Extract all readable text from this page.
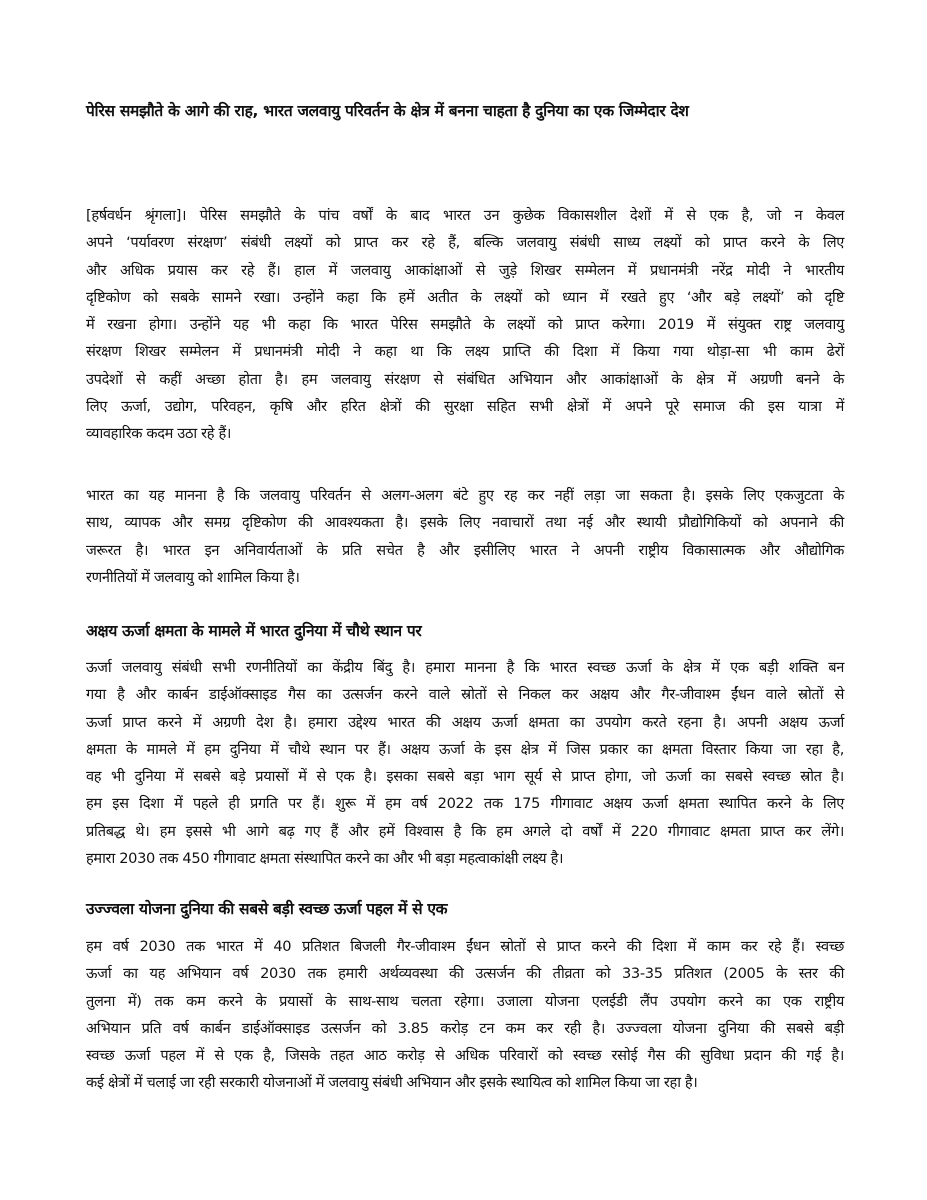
पेरिस समझौते के आगे की राह, भारत जलवायु परिवर्तन के क्षेत्र में बनना चाहता है दुनिया का एक जिम्मेदार देश
[हर्षवर्धन श्रृंगला]। पेरिस समझौते के पांच वर्षों के बाद भारत उन कुछेक विकासशील देशों में से एक है, जो न केवल
अपने ‘पर्यावरण संरक्षण’ संबंधी लक्ष्यों को प्राप्त कर रहे हैं, बल्कि जलवायु संबंधी साध्य लक्ष्यों को प्राप्त करने के लिए
और अधिक प्रयास कर रहे हैं। हाल में जलवायु आकांक्षाओं से जुड़े शिखर सम्मेलन में प्रधानमंत्री नरेंद्र मोदी ने भारतीय
दृष्टिकोण को सबके सामने रखा। उन्होंने कहा कि हमें अतीत के लक्ष्यों को ध्यान में रखते हुए ‘और बड़े लक्ष्यों’ को दृष्टि
में रखना होगा। उन्होंने यह भी कहा कि भारत पेरिस समझौते के लक्ष्यों को प्राप्त करेगा। 2019 में संयुक्त राष्ट्र जलवायु
संरक्षण शिखर सम्मेलन में प्रधानमंत्री मोदी ने कहा था कि लक्ष्य प्राप्ति की दिशा में किया गया थोड़ा-सा भी काम ढेरों
उपदेशों से कहीं अच्छा होता है। हम जलवायु संरक्षण से संबंधित अभियान और आकांक्षाओं के क्षेत्र में अग्रणी बनने के
लिए ऊर्जा, उद्योग, परिवहन, कृषि और हरित क्षेत्रों की सुरक्षा सहित सभी क्षेत्रों में अपने पूरे समाज की इस यात्रा में
व्यावहारिक कदम उठा रहे हैं।
भारत का यह मानना है कि जलवायु परिवर्तन से अलग-अलग बंटे हुए रह कर नहीं लड़ा जा सकता है। इसके लिए एकजुटता के
साथ, व्यापक और समग्र दृष्टिकोण की आवश्यकता है। इसके लिए नवाचारों तथा नई और स्थायी प्रौद्योगिकियों को अपनाने की
जरूरत है। भारत इन अनिवार्यताओं के प्रति सचेत है और इसीलिए भारत ने अपनी राष्ट्रीय विकासात्मक और औद्योगिक
रणनीतियों में जलवायु को शामिल किया है।
अक्षय ऊर्जा क्षमता के मामले में भारत दुनिया में चौथे स्थान पर
ऊर्जा जलवायु संबंधी सभी रणनीतियों का केंद्रीय बिंदु है। हमारा मानना है कि भारत स्वच्छ ऊर्जा के क्षेत्र में एक बड़ी शक्ति बन
गया है और कार्बन डाईऑक्साइड गैस का उत्सर्जन करने वाले स्रोतों से निकल कर अक्षय और गैर-जीवाश्म ईंधन वाले स्रोतों से
ऊर्जा प्राप्त करने में अग्रणी देश है। हमारा उद्देश्य भारत की अक्षय ऊर्जा क्षमता का उपयोग करते रहना है। अपनी अक्षय ऊर्जा
क्षमता के मामले में हम दुनिया में चौथे स्थान पर हैं। अक्षय ऊर्जा के इस क्षेत्र में जिस प्रकार का क्षमता विस्तार किया जा रहा है,
वह भी दुनिया में सबसे बड़े प्रयासों में से एक है। इसका सबसे बड़ा भाग सूर्य से प्राप्त होगा, जो ऊर्जा का सबसे स्वच्छ स्रोत है।
हम इस दिशा में पहले ही प्रगति पर हैं। शुरू में हम वर्ष 2022 तक 175 गीगावाट अक्षय ऊर्जा क्षमता स्थापित करने के लिए
प्रतिबद्ध थे। हम इससे भी आगे बढ़ गए हैं और हमें विश्वास है कि हम अगले दो वर्षों में 220 गीगावाट क्षमता प्राप्त कर लेंगे।
हमारा 2030 तक 450 गीगावाट क्षमता संस्थापित करने का और भी बड़ा महत्वाकांक्षी लक्ष्य है।
उज्ज्वला योजना दुनिया की सबसे बड़ी स्वच्छ ऊर्जा पहल में से एक
हम वर्ष 2030 तक भारत में 40 प्रतिशत बिजली गैर-जीवाश्म ईंधन स्रोतों से प्राप्त करने की दिशा में काम कर रहे हैं। स्वच्छ
ऊर्जा का यह अभियान वर्ष 2030 तक हमारी अर्थव्यवस्था की उत्सर्जन की तीव्रता को 33-35 प्रतिशत (2005 के स्तर की
तुलना में) तक कम करने के प्रयासों के साथ-साथ चलता रहेगा। उजाला योजना एलईडी लैंप उपयोग करने का एक राष्ट्रीय
अभियान प्रति वर्ष कार्बन डाईऑक्साइड उत्सर्जन को 3.85 करोड़ टन कम कर रही है। उज्ज्वला योजना दुनिया की सबसे बड़ी
स्वच्छ ऊर्जा पहल में से एक है, जिसके तहत आठ करोड़ से अधिक परिवारों को स्वच्छ रसोई गैस की सुविधा प्रदान की गई है।
कई क्षेत्रों में चलाई जा रही सरकारी योजनाओं में जलवायु संबंधी अभियान और इसके स्थायित्व को शामिल किया जा रहा है।
